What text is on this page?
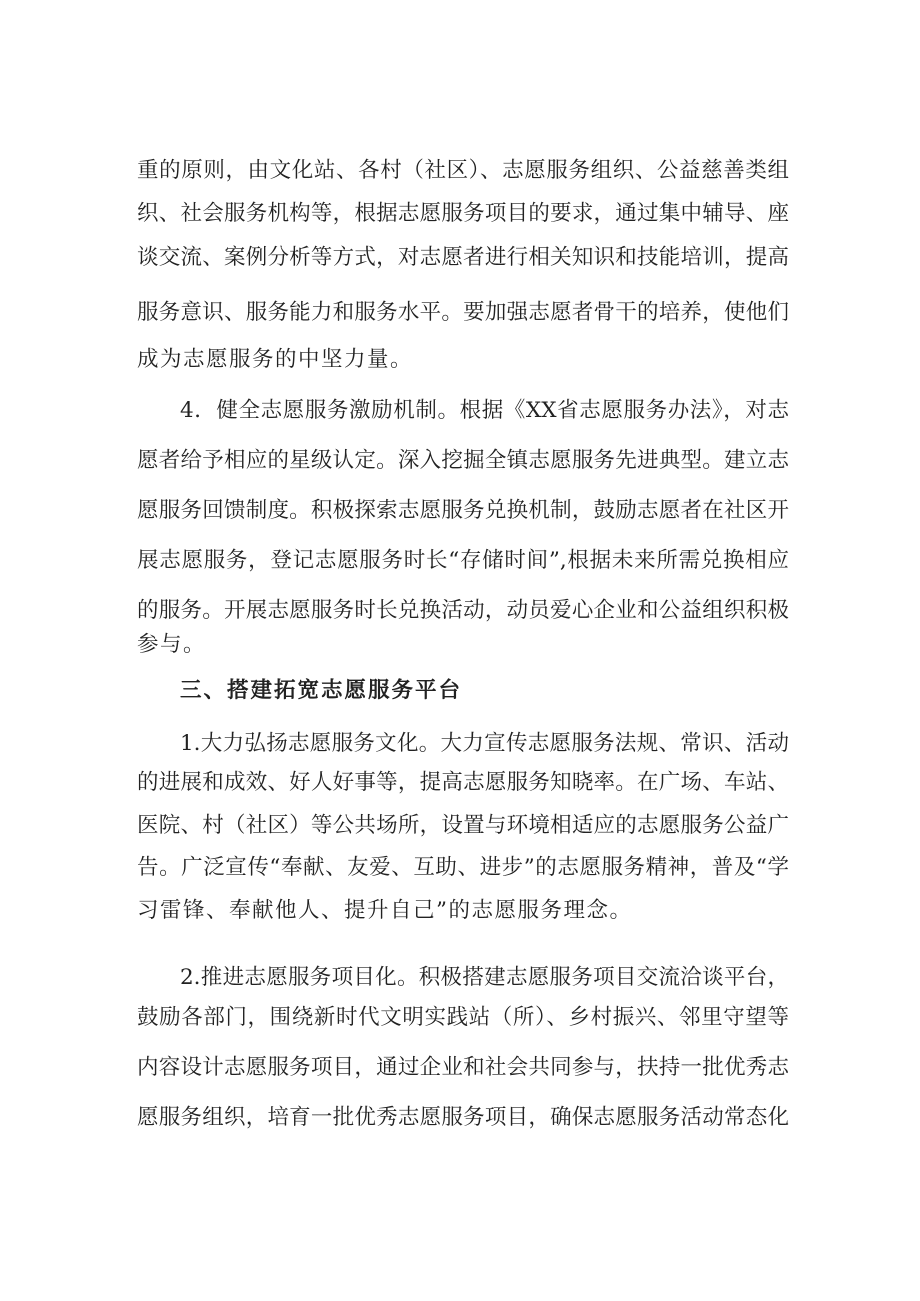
重的原则，由文化站、各村（社区）、志愿服务组织、公益慈善类组
织、社会服务机构等，根据志愿服务项目的要求，通过集中辅导、座
谈交流、案例分析等方式，对志愿者进行相关知识和技能培训，提高
服务意识、服务能力和服务水平。要加强志愿者骨干的培养，使他们
成为志愿服务的中坚力量。
4．健全志愿服务激励机制。根据《XX省志愿服务办法》，对志
愿者给予相应的星级认定。深入挖掘全镇志愿服务先进典型。建立志
愿服务回馈制度。积极探索志愿服务兑换机制，鼓励志愿者在社区开
展志愿服务，登记志愿服务时长“存储时间”,根据未来所需兑换相应
的服务。开展志愿服务时长兑换活动，动员爱心企业和公益组织积极
参与。
三、搭建拓宽志愿服务平台
1.大力弘扬志愿服务文化。大力宣传志愿服务法规、常识、活动
的进展和成效、好人好事等，提高志愿服务知晓率。在广场、车站、
医院、村（社区）等公共场所，设置与环境相适应的志愿服务公益广
告。广泛宣传“奉献、友爱、互助、进步”的志愿服务精神，普及“学
习雷锋、奉献他人、提升自己”的志愿服务理念。
2.推进志愿服务项目化。积极搭建志愿服务项目交流洽谈平台，
鼓励各部门，围绕新时代文明实践站（所）、乡村振兴、邻里守望等
内容设计志愿服务项目，通过企业和社会共同参与，扶持一批优秀志
愿服务组织，培育一批优秀志愿服务项目，确保志愿服务活动常态化
